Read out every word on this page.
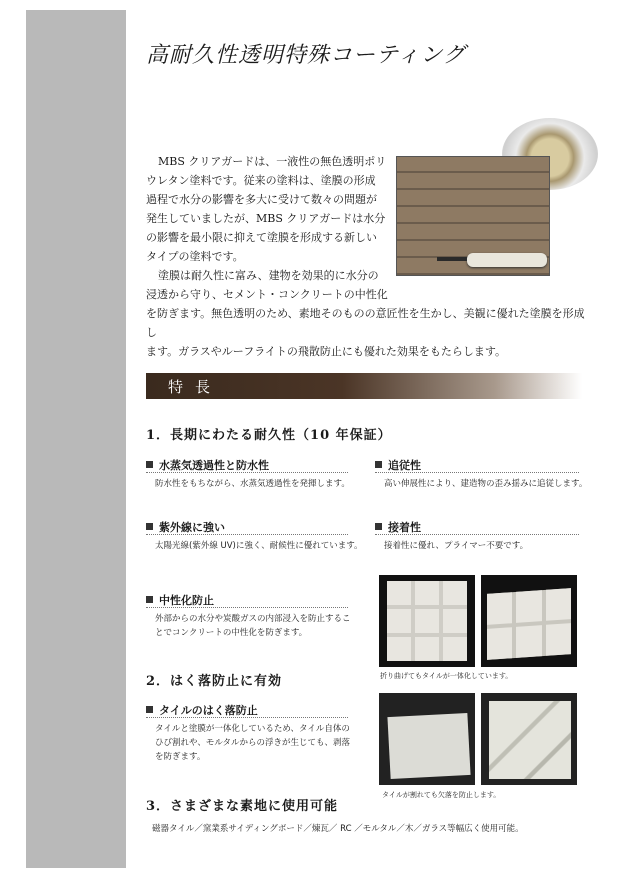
高耐久性透明特殊コーティング
MBS クリアガードは、一液性の無色透明ポリ
ウレタン塗料です。従来の塗料は、塗膜の形成
過程で水分の影響を多大に受けて数々の問題が
発生していましたが、MBS クリアガードは水分
の影響を最小限に抑えて塗膜を形成する新しい
タイプの塗料です。
塗膜は耐久性に富み、建物を効果的に水分の
浸透から守り、セメント・コンクリートの中性化
を防ぎます。無色透明のため、素地そのものの意匠性を生かし、美観に優れた塗膜を形成し
ます。ガラスやルーフライトの飛散防止にも優れた効果をもたらします。
特長
1．長期にわたる耐久性（10 年保証）
水蒸気透過性と防水性
防水性をもちながら、水蒸気透過性を発揮します。
追従性
高い伸展性により、建造物の歪み揺みに追従します。
紫外線に強い
太陽光線(紫外線 UV)に強く、耐候性に優れています。
接着性
接着性に優れ、プライマー不要です。
中性化防止
外部からの水分や炭酸ガスの内部浸入を防止するこ
とでコンクリートの中性化を防ぎます。
2．はく落防止に有効
タイルのはく落防止
タイルと塗膜が一体化しているため、タイル自体の
ひび割れや、モルタルからの浮きが生じても、剥落
を防ぎます。
3．さまざまな素地に使用可能
磁器タイル／窯業系サイディングボード／煉瓦／ RC ／モルタル／木／ガラス等幅広く使用可能。
折り曲げてもタイルが一体化しています。
タイルが割れても欠落を防止します。
